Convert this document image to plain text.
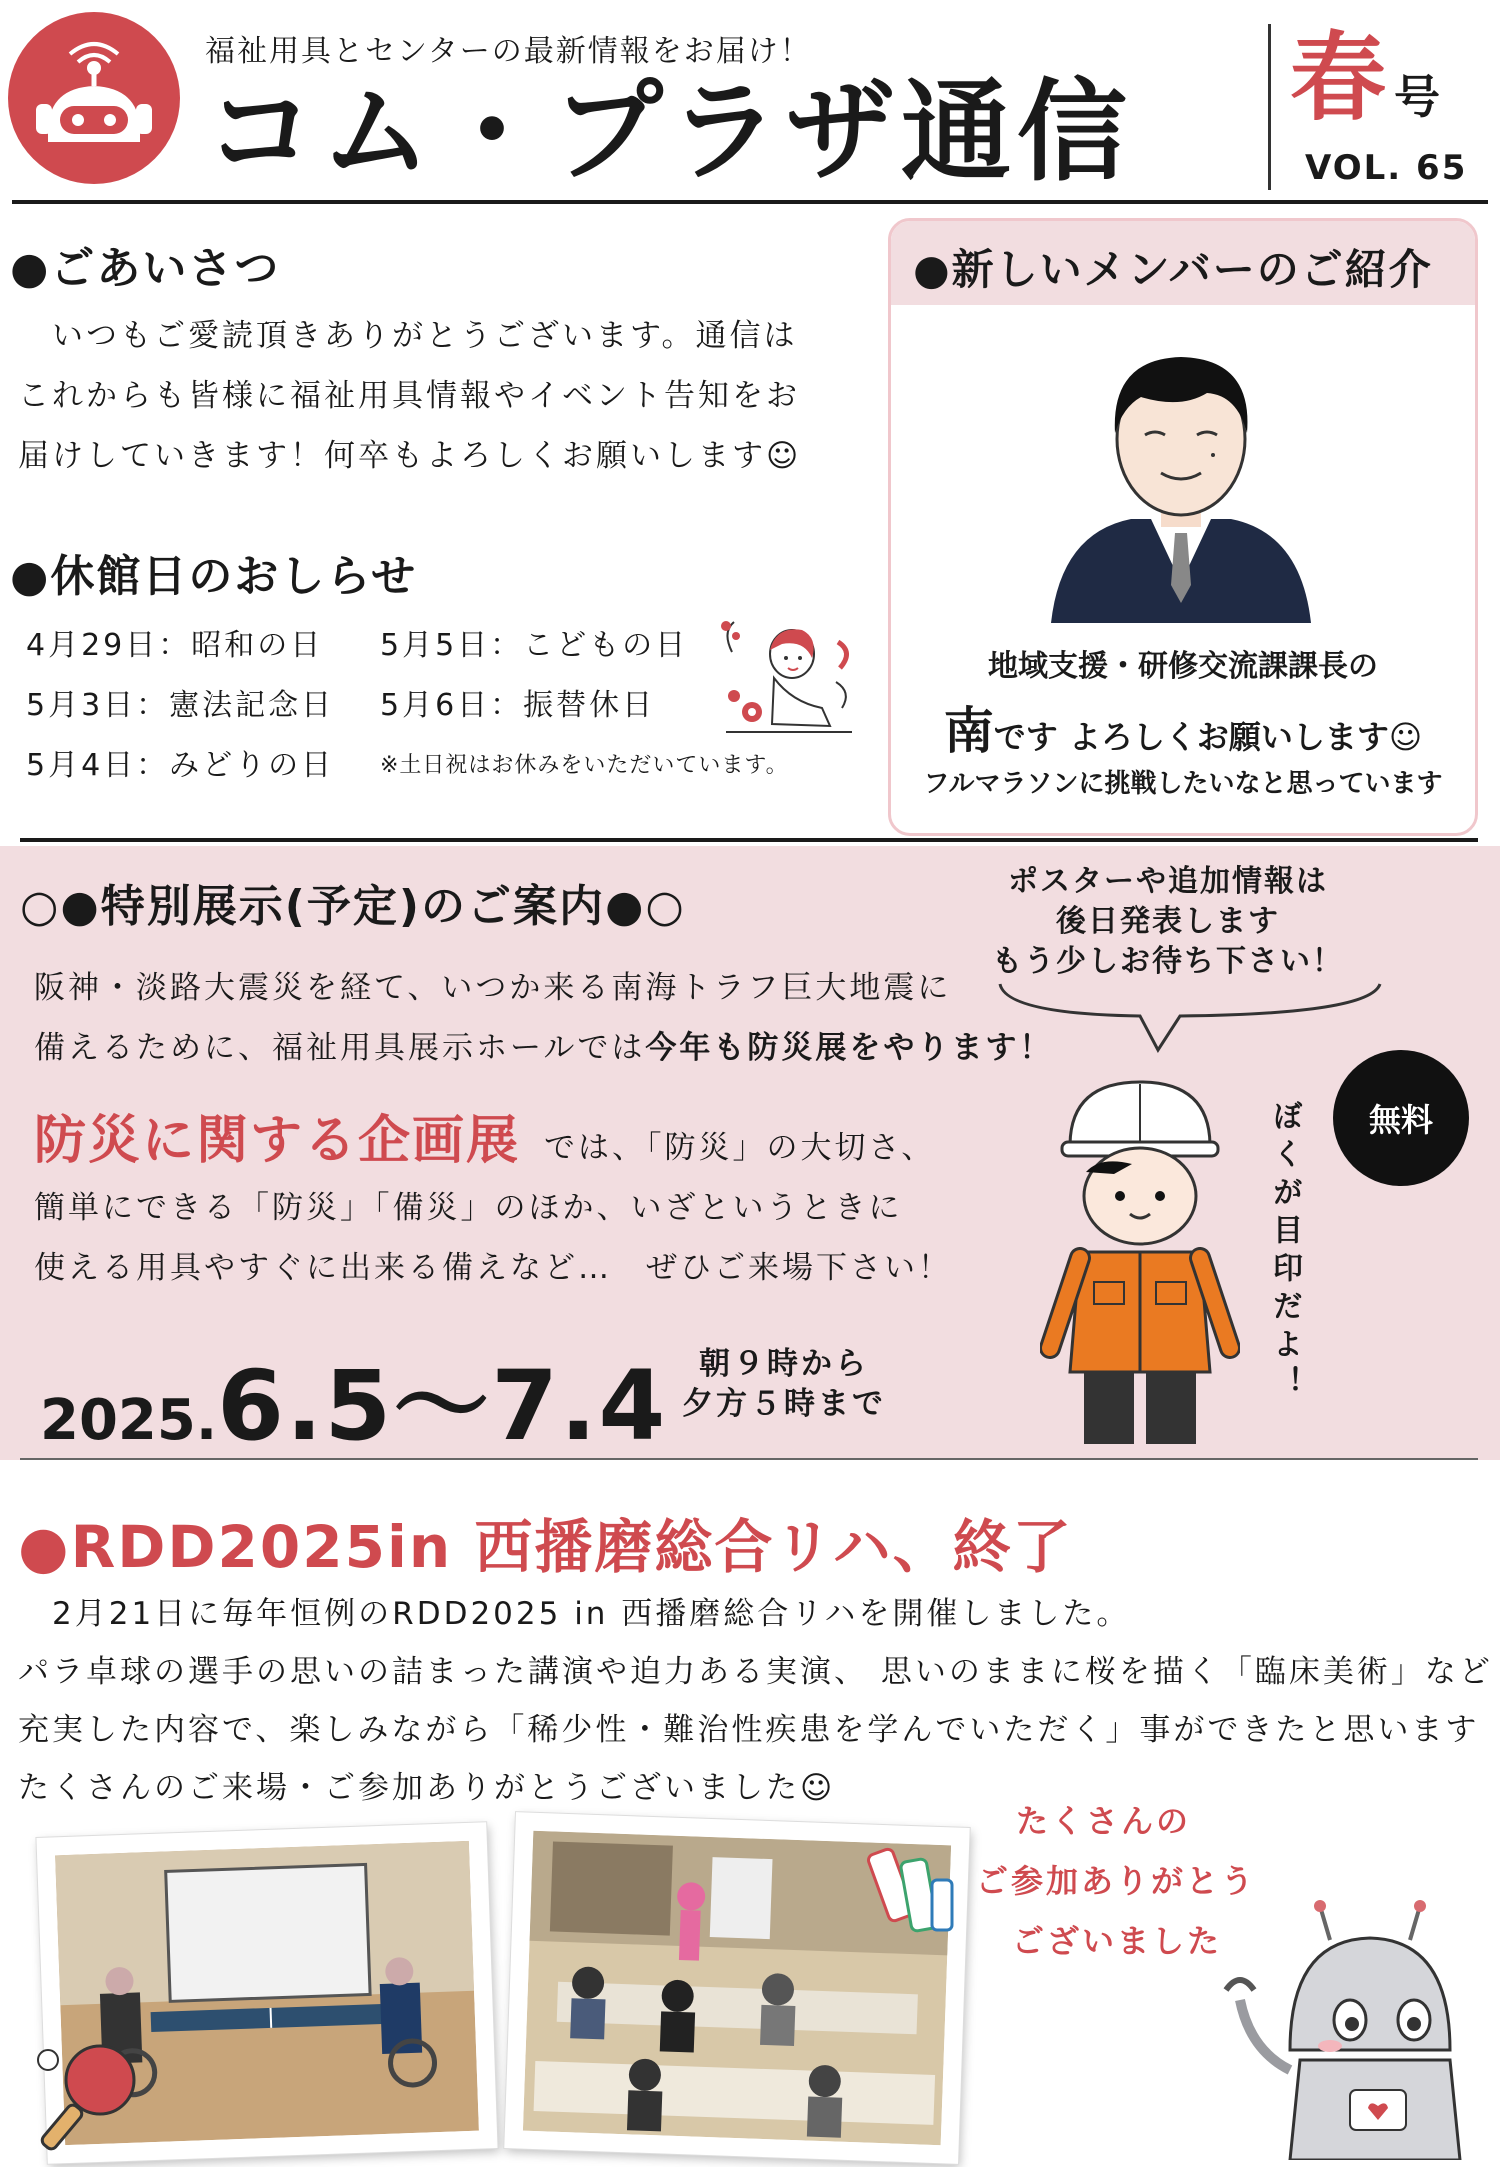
福祉用具とセンターの最新情報をお届け！
コム・プラザ通信 春 号
VOL. 65
●ごあいさつ
　いつもご愛読頂きありがとうございます。通信は
これからも皆様に福祉用具情報やイベント告知をお
届けしていきます！何卒もよろしくお願いします☺
●休館日のおしらせ
4月29日：昭和の日
5月3日：憲法記念日
5月4日：みどりの日
5月5日：こどもの日
5月6日：振替休日
※土日祝はお休みをいただいています。
●新しいメンバーのご紹介
地域支援・研修交流課課長の
南です よろしくお願いします☺
フルマラソンに挑戦したいなと思っています
○●特別展示(予定)のご案内●○
阪神・淡路大震災を経て、いつか来る南海トラフ巨大地震に
備えるために、福祉用具展示ホールでは今年も防災展をやります！
防災に関する企画展 では、「防災」の大切さ、
簡単にできる「防災」「備災」のほか、いざというときに
使える用具やすぐに出来る備えなど…　ぜひご来場下さい！
2025.6.5〜7.4	朝９時から
夕方５時まで
ポスターや追加情報は
後日発表します
もう少しお待ち下さい！
無料
ぼくが目印だよ！
●RDD2025in 西播磨総合リハ、終了
　2月21日に毎年恒例のRDD2025 in 西播磨総合リハを開催しました。
パラ卓球の選手の思いの詰まった講演や迫力ある実演、 思いのままに桜を描く「臨床美術」など
充実した内容で、楽しみながら「稀少性・難治性疾患を学んでいただく」事ができたと思います
たくさんのご来場・ご参加ありがとうございました☺
たくさんの
ご参加ありがとう
ございました
